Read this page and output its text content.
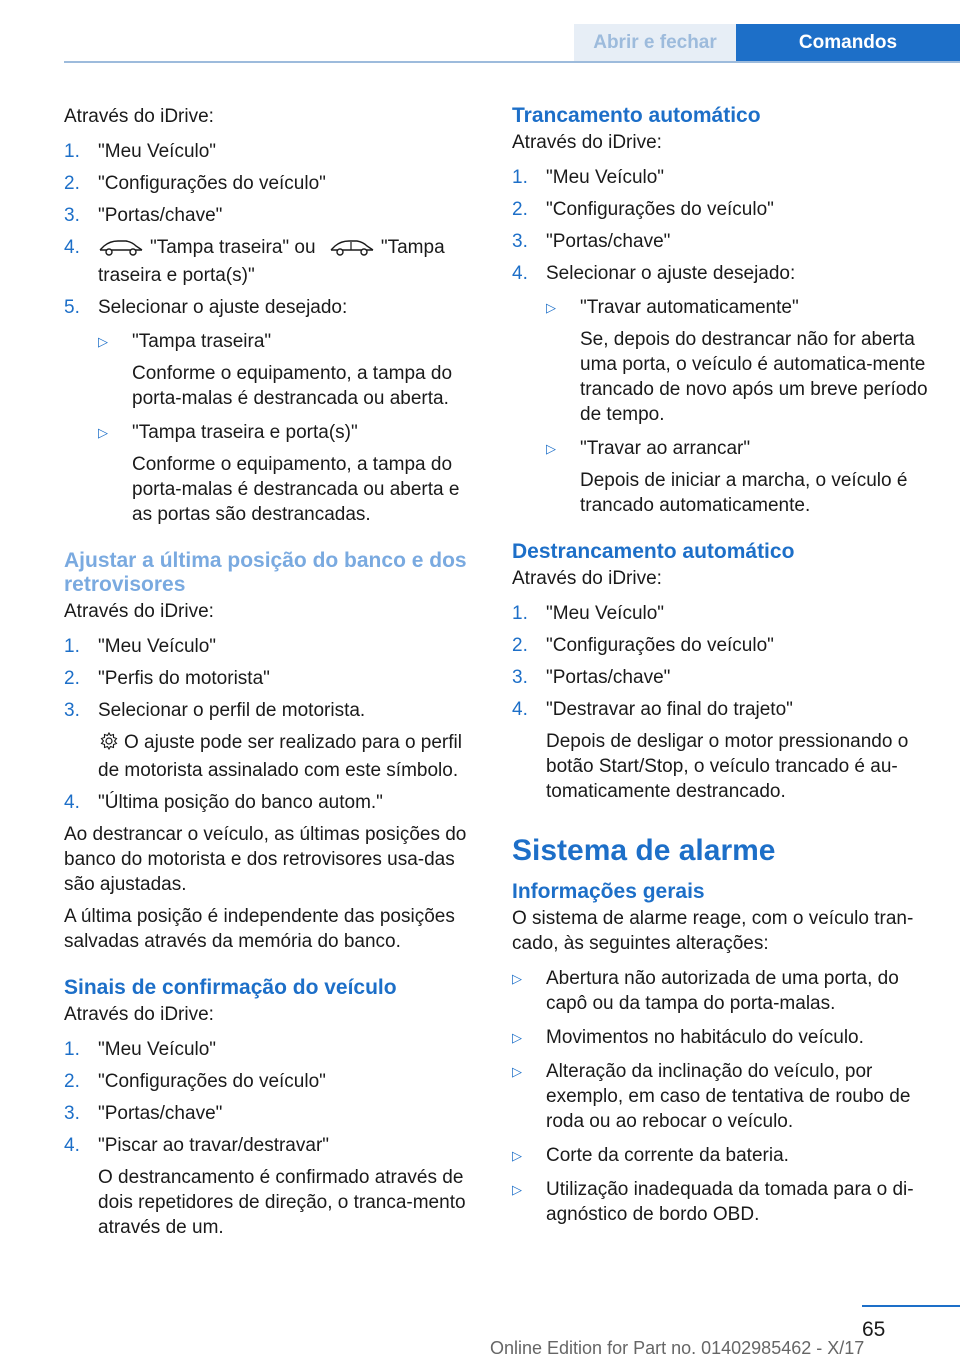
Abrir e fechar	Comandos

Através do iDrive:

1. "Meu Veículo"
2. "Configurações do veículo"
3. "Portas/chave"
4.	"Tampa traseira" ou	"Tampa traseira e porta(s)"
5. Selecionar o ajuste desejado:
▷ "Tampa traseira"
Conforme o equipamento, a tampa do porta-malas é destrancada ou aberta.
▷ "Tampa traseira e porta(s)"
Conforme o equipamento, a tampa do porta-malas é destrancada ou aberta e as portas são destrancadas.
Ajustar a última posição do banco e dos retrovisores

Através do iDrive:

1. "Meu Veículo"
2. "Perfis do motorista"
3. Selecionar o perfil de motorista.
O ajuste pode ser realizado para o perfil de motorista assinalado com este símbolo.
4. "Última posição do banco autom."

Ao destrancar o veículo, as últimas posições do banco do motorista e dos retrovisores usa-das são ajustadas.

A última posição é independente das posições salvadas através da memória do banco.

Sinais de confirmação do veículo

Através do iDrive:

1. "Meu Veículo"
2. "Configurações do veículo"
3. "Portas/chave"
4. "Piscar ao travar/destravar"
O destrancamento é confirmado através de dois repetidores de direção, o tranca-mento através de um.
Trancamento automático

Através do iDrive:

1. "Meu Veículo"
2. "Configurações do veículo"
3. "Portas/chave"
4. Selecionar o ajuste desejado:
▷ "Travar automaticamente"
Se, depois do destrancar não for aberta uma porta, o veículo é automatica-mente trancado de novo após um breve período de tempo.
▷ "Travar ao arrancar"
Depois de iniciar a marcha, o veículo é trancado automaticamente.
Destrancamento automático

Através do iDrive:

1. "Meu Veículo"
2. "Configurações do veículo"
3. "Portas/chave"
4. "Destravar ao final do trajeto"
Depois de desligar o motor pressionando o botão Start/Stop, o veículo trancado é au-tomaticamente destrancado.
Sistema de alarme
Informações gerais

O sistema de alarme reage, com o veículo tran-cado, às seguintes alterações:

▷ Abertura não autorizada de uma porta, do capô ou da tampa do porta-malas.
▷ Movimentos no habitáculo do veículo.
▷ Alteração da inclinação do veículo, por exemplo, em caso de tentativa de roubo de roda ou ao rebocar o veículo.
▷ Corte da corrente da bateria.
▷ Utilização inadequada da tomada para o di-agnóstico de bordo OBD.
65
Online Edition for Part no. 01402985462 - X/17
